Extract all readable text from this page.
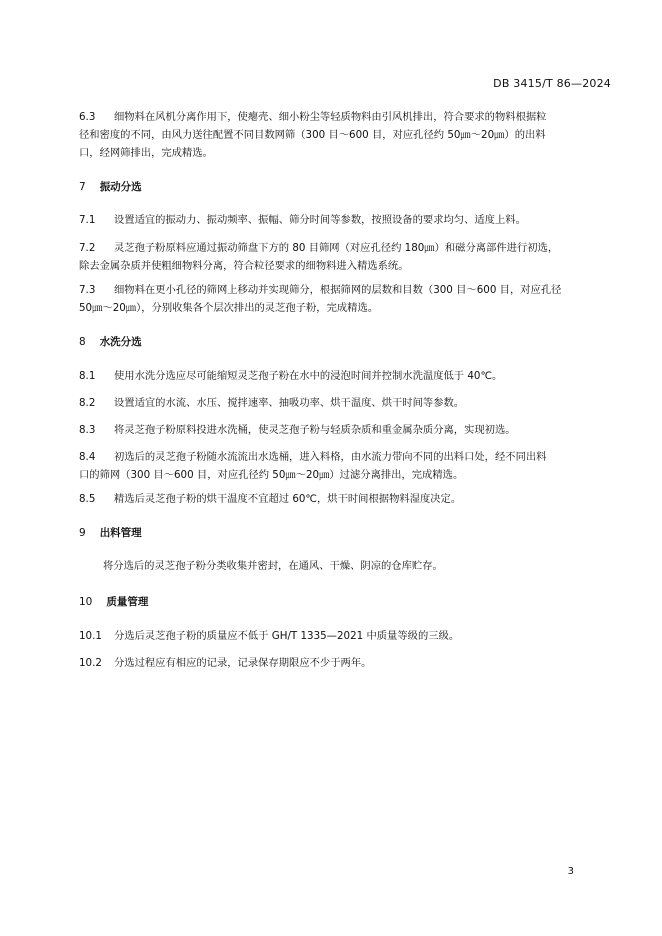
DB 3415/T 86—2024
6.3 细物料在风机分离作用下，使瘪壳、细小粉尘等轻质物料由引风机排出，符合要求的物料根据粒
径和密度的不同，由风力送往配置不同目数网筛（300 目～600 目，对应孔径约 50㎛～20㎛）的出料
口，经网筛排出，完成精选。
7 振动分选
7.1 设置适宜的振动力、振动频率、振幅、筛分时间等参数，按照设备的要求均匀、适度上料。
7.2 灵芝孢子粉原料应通过振动筛盘下方的 80 目筛网（对应孔径约 180㎛）和磁分离部件进行初选，
除去金属杂质并使粗细物料分离，符合粒径要求的细物料进入精选系统。
7.3 细物料在更小孔径的筛网上移动并实现筛分，根据筛网的层数和目数（300 目～600 目，对应孔径
50㎛～20㎛），分别收集各个层次排出的灵芝孢子粉，完成精选。
8 水洗分选
8.1 使用水洗分选应尽可能缩短灵芝孢子粉在水中的浸泡时间并控制水洗温度低于 40℃。
8.2 设置适宜的水流、水压、搅拌速率、抽吸功率、烘干温度、烘干时间等参数。
8.3 将灵芝孢子粉原料投进水洗桶，使灵芝孢子粉与轻质杂质和重金属杂质分离，实现初选。
8.4 初选后的灵芝孢子粉随水流流出水选桶，进入料格，由水流力带向不同的出料口处，经不同出料
口的筛网（300 目～600 目，对应孔径约 50㎛～20㎛）过滤分离排出，完成精选。
8.5 精选后灵芝孢子粉的烘干温度不宜超过 60℃，烘干时间根据物料湿度决定。
9 出料管理
将分选后的灵芝孢子粉分类收集并密封，在通风、干燥、阴凉的仓库贮存。
10 质量管理
10.1 分选后灵芝孢子粉的质量应不低于 GH/T 1335—2021 中质量等级的三级。
10.2 分选过程应有相应的记录，记录保存期限应不少于两年。
3
